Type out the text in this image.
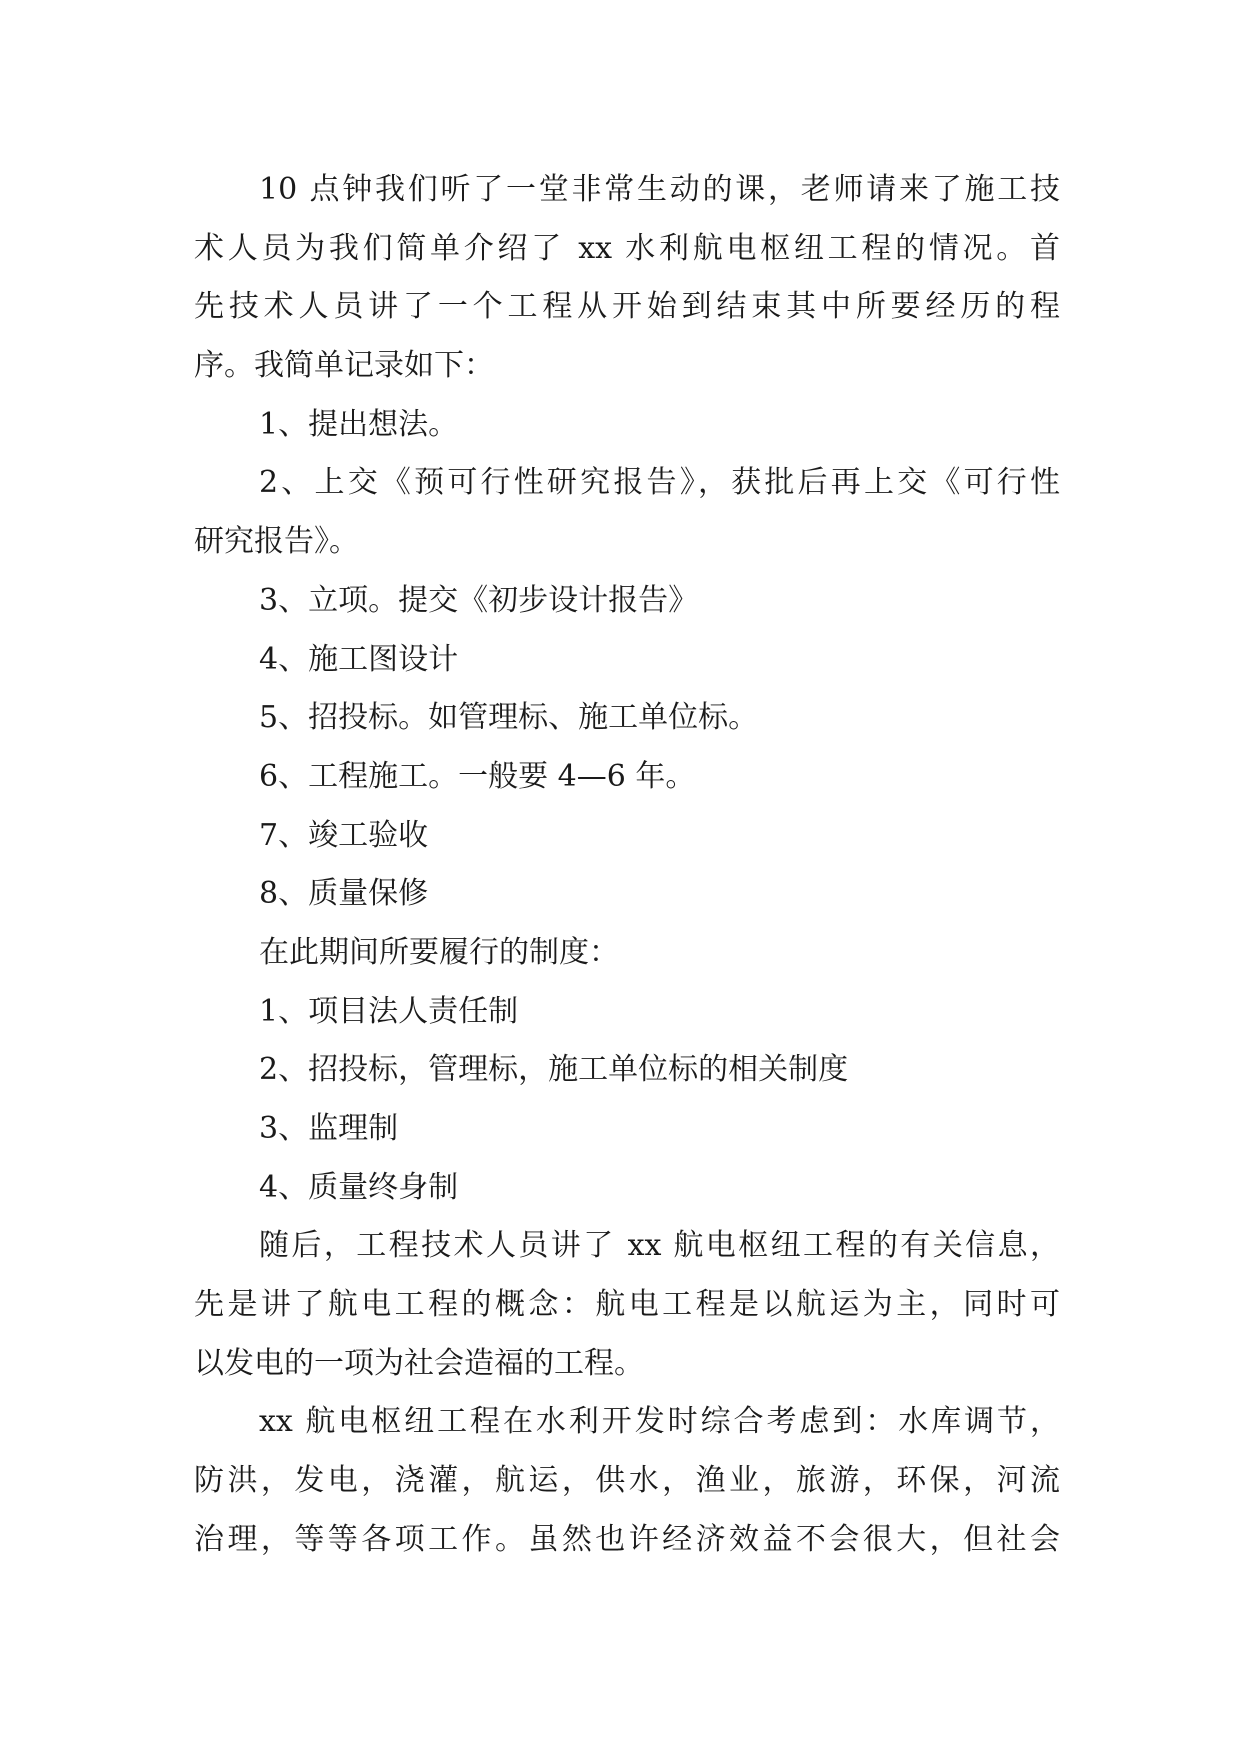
10 点钟我们听了一堂非常生动的课，老师请来了施工技
术人员为我们简单介绍了 xx 水利航电枢纽工程的情况。首
先技术人员讲了一个工程从开始到结束其中所要经历的程
序。我简单记录如下：
1、提出想法。
2、上交《预可行性研究报告》，获批后再上交《可行性
研究报告》。
3、立项。提交《初步设计报告》
4、施工图设计
5、招投标。如管理标、施工单位标。
6、工程施工。一般要 4—6 年。
7、竣工验收
8、质量保修
在此期间所要履行的制度：
1、项目法人责任制
2、招投标，管理标，施工单位标的相关制度
3、监理制
4、质量终身制
随后，工程技术人员讲了 xx 航电枢纽工程的有关信息，
先是讲了航电工程的概念：航电工程是以航运为主，同时可
以发电的一项为社会造福的工程。
xx 航电枢纽工程在水利开发时综合考虑到：水库调节，
防洪，发电，浇灌，航运，供水，渔业，旅游，环保，河流
治理，等等各项工作。虽然也许经济效益不会很大，但社会
